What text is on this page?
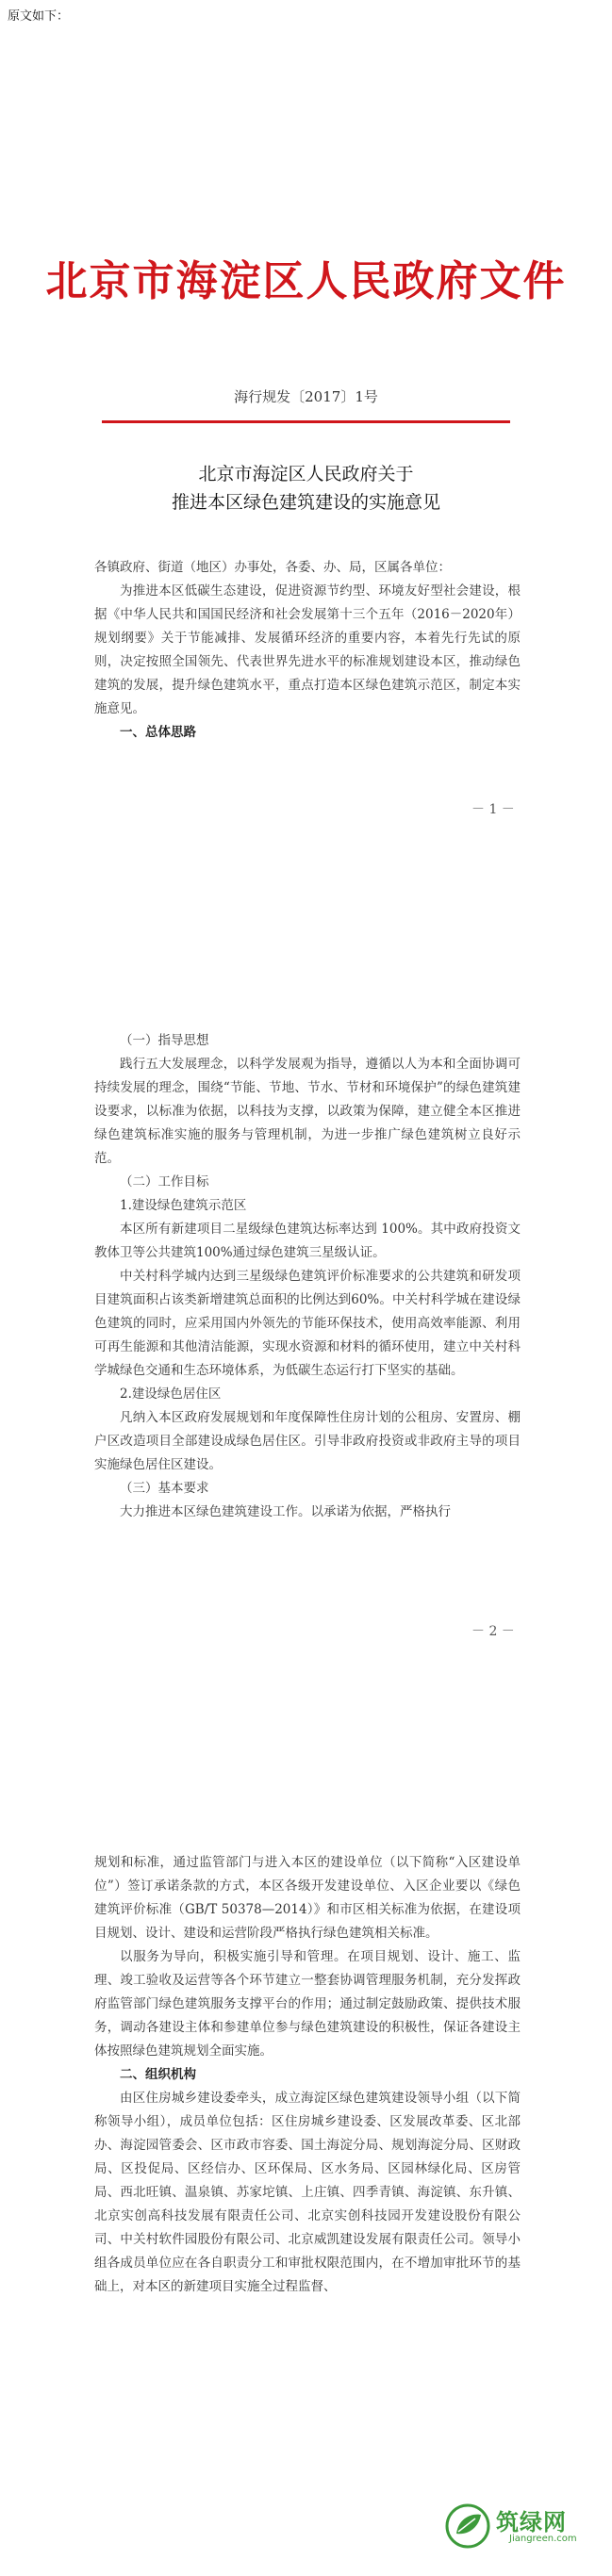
原文如下：
北京市海淀区人民政府文件
海行规发〔2017〕1号
北京市海淀区人民政府关于
推进本区绿色建筑建设的实施意见

各镇政府、街道（地区）办事处，各委、办、局，区属各单位：

为推进本区低碳生态建设，促进资源节约型、环境友好型社会建设，根据《中华人民共和国国民经济和社会发展第十三个五年（2016－2020年）规划纲要》关于节能减排、发展循环经济的重要内容，本着先行先试的原则，决定按照全国领先、代表世界先进水平的标准规划建设本区，推动绿色建筑的发展，提升绿色建筑水平，重点打造本区绿色建筑示范区，制定本实施意见。

一、总体思路

－ 1 －

（一）指导思想

践行五大发展理念，以科学发展观为指导，遵循以人为本和全面协调可持续发展的理念，围绕“节能、节地、节水、节材和环境保护”的绿色建筑建设要求，以标准为依据，以科技为支撑，以政策为保障，建立健全本区推进绿色建筑标准实施的服务与管理机制，为进一步推广绿色建筑树立良好示范。

（二）工作目标

1.建设绿色建筑示范区

本区所有新建项目二星级绿色建筑达标率达到 100%。其中政府投资文教体卫等公共建筑100%通过绿色建筑三星级认证。

中关村科学城内达到三星级绿色建筑评价标准要求的公共建筑和研发项目建筑面积占该类新增建筑总面积的比例达到60%。中关村科学城在建设绿色建筑的同时，应采用国内外领先的节能环保技术，使用高效率能源、利用可再生能源和其他清洁能源，实现水资源和材料的循环使用，建立中关村科学城绿色交通和生态环境体系，为低碳生态运行打下坚实的基础。

2.建设绿色居住区

凡纳入本区政府发展规划和年度保障性住房计划的公租房、安置房、棚户区改造项目全部建设成绿色居住区。引导非政府投资或非政府主导的项目实施绿色居住区建设。

（三）基本要求

大力推进本区绿色建筑建设工作。以承诺为依据，严格执行

－ 2 －

规划和标准，通过监管部门与进入本区的建设单位（以下简称“入区建设单位”）签订承诺条款的方式，本区各级开发建设单位、入区企业要以《绿色建筑评价标准（GB/T 50378—2014）》和市区相关标准为依据，在建设项目规划、设计、建设和运营阶段严格执行绿色建筑相关标准。

以服务为导向，积极实施引导和管理。在项目规划、设计、施工、监理、竣工验收及运营等各个环节建立一整套协调管理服务机制，充分发挥政府监管部门绿色建筑服务支撑平台的作用；通过制定鼓励政策、提供技术服务，调动各建设主体和参建单位参与绿色建筑建设的积极性，保证各建设主体按照绿色建筑规划全面实施。

二、组织机构

由区住房城乡建设委牵头，成立海淀区绿色建筑建设领导小组（以下简称领导小组），成员单位包括：区住房城乡建设委、区发展改革委、区北部办、海淀园管委会、区市政市容委、国土海淀分局、规划海淀分局、区财政局、区投促局、区经信办、区环保局、区水务局、区园林绿化局、区房管局、西北旺镇、温泉镇、苏家坨镇、上庄镇、四季青镇、海淀镇、东升镇、北京实创高科技发展有限责任公司、北京实创科技园开发建设股份有限公司、中关村软件园股份有限公司、北京威凯建设发展有限责任公司。领导小组各成员单位应在各自职责分工和审批权限范围内，在不增加审批环节的基础上，对本区的新建项目实施全过程监督、

筑绿网
Jiangreen.com
